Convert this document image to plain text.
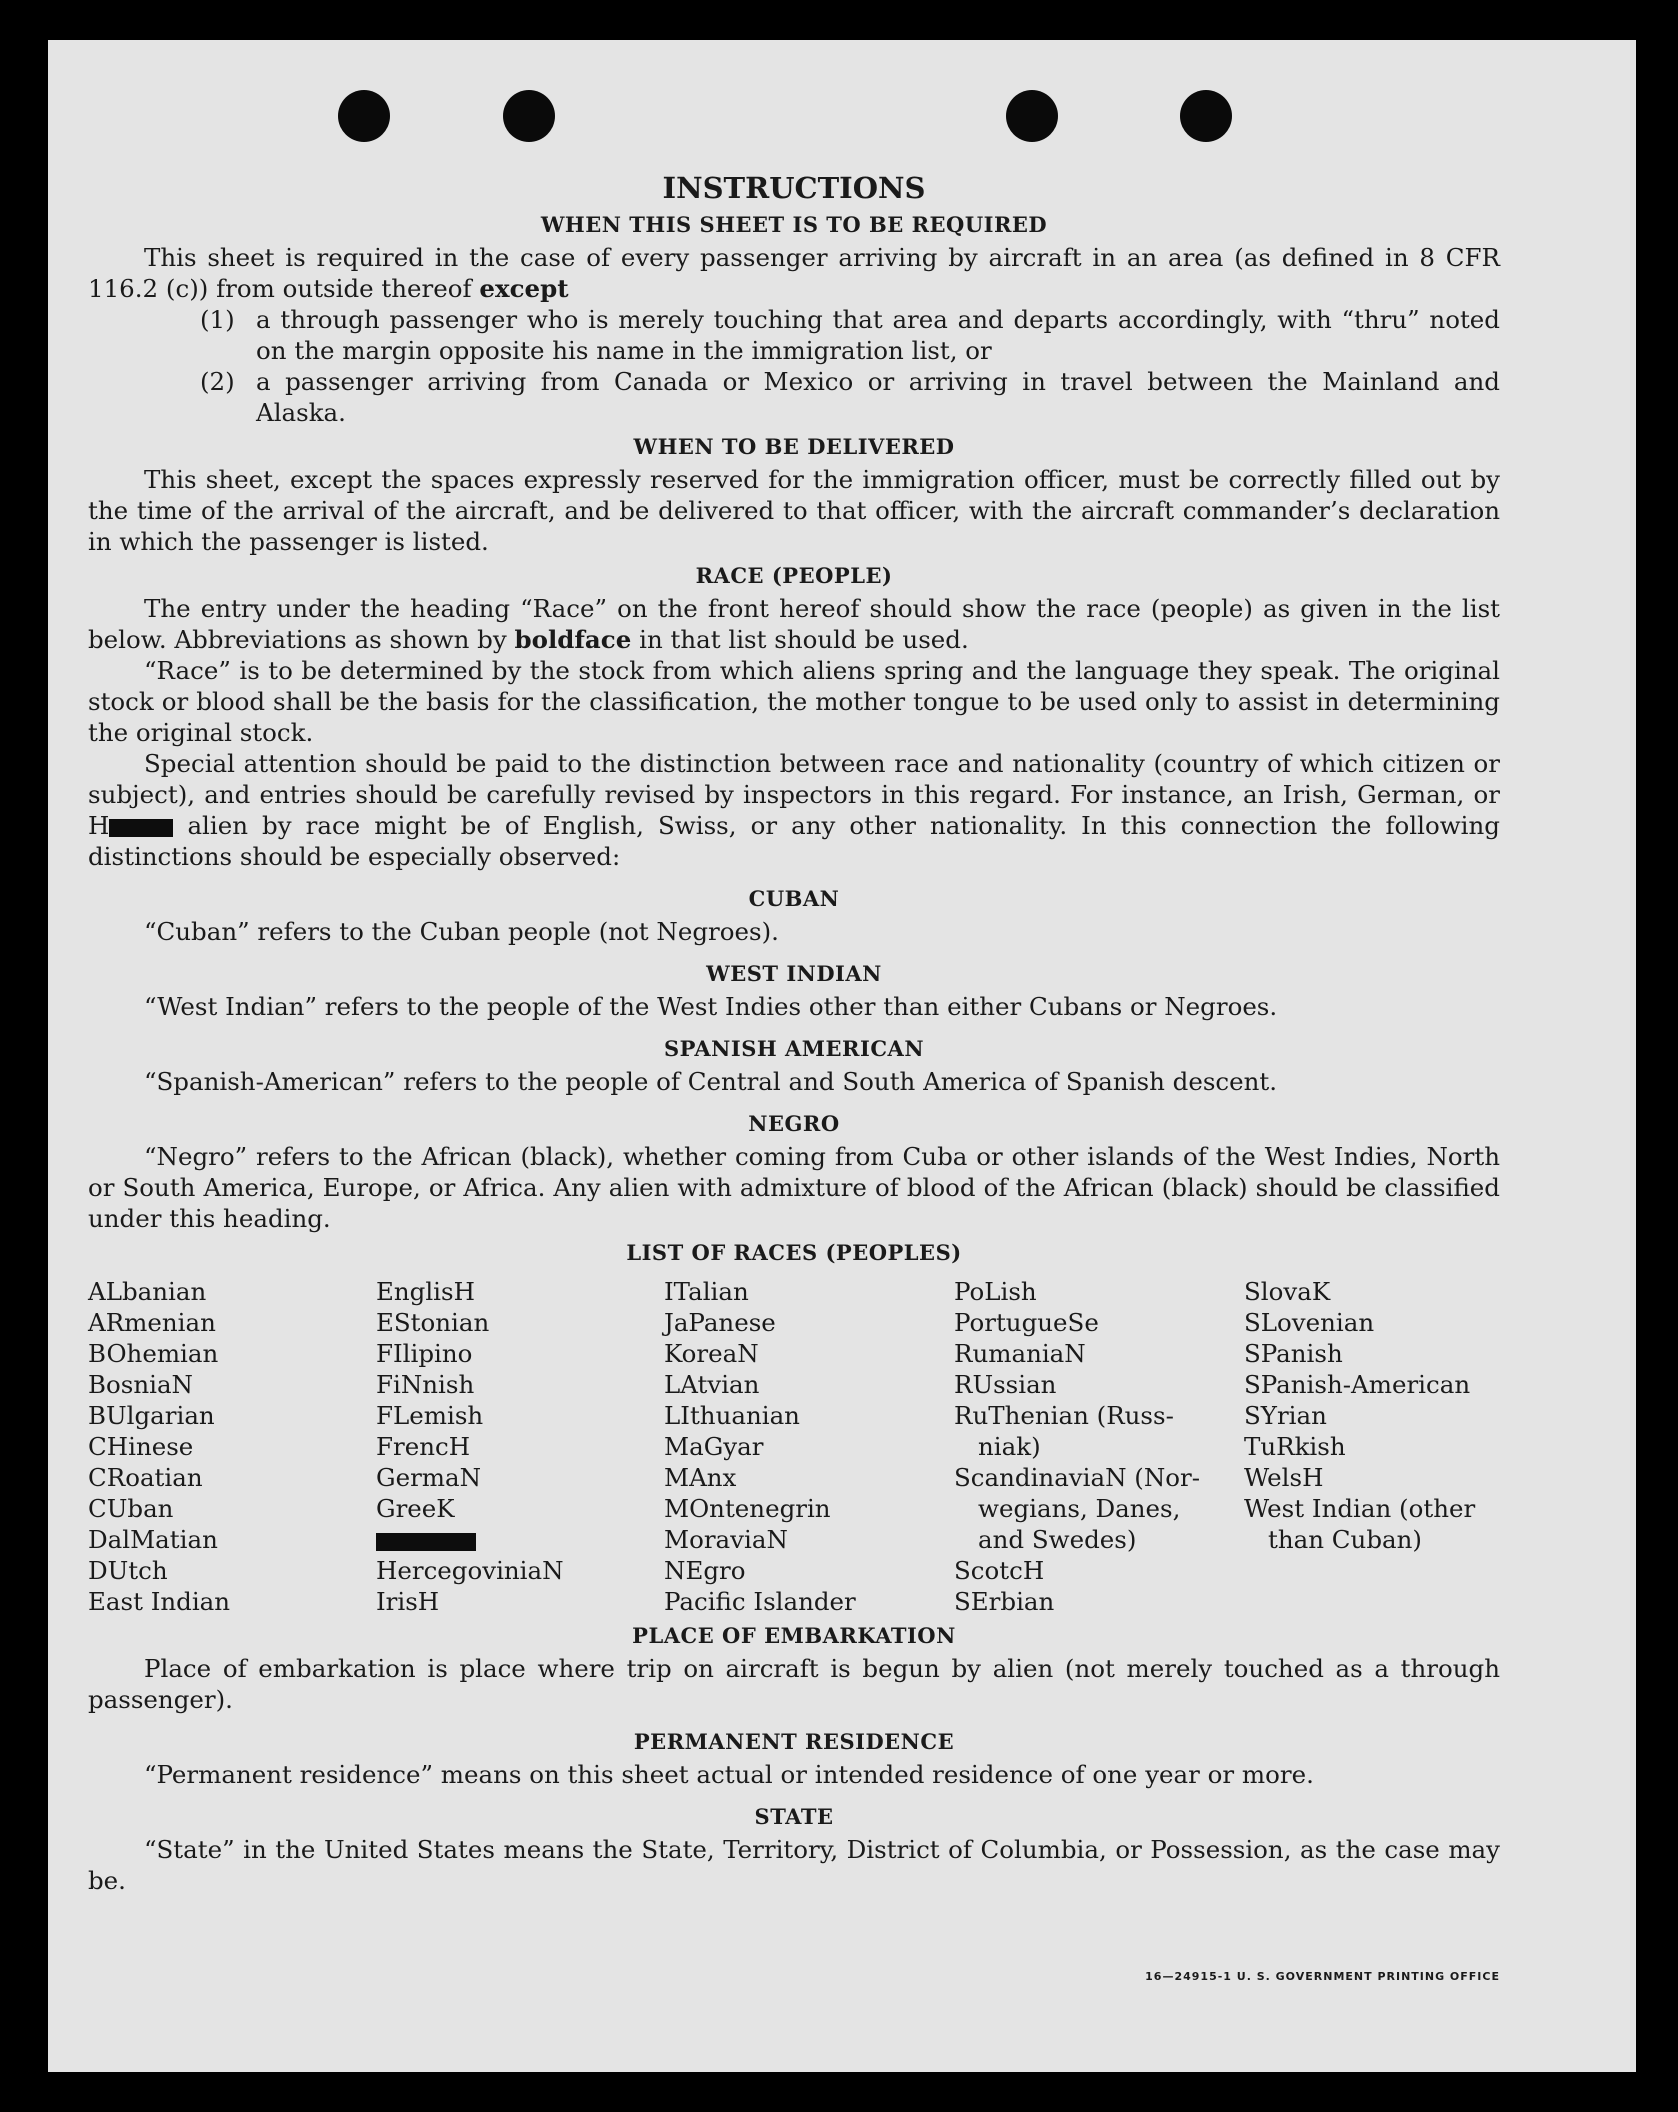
INSTRUCTIONS
WHEN THIS SHEET IS TO BE REQUIRED

This sheet is required in the case of every passenger arriving by aircraft in an area (as defined in 8 CFR 116.2 (c)) from outside thereof except

(1) a through passenger who is merely touching that area and departs accordingly, with “thru” noted on the margin opposite his name in the immigration list, or
(2) a passenger arriving from Canada or Mexico or arriving in travel between the Mainland and Alaska.
WHEN TO BE DELIVERED

This sheet, except the spaces expressly reserved for the immigration officer, must be correctly filled out by the time of the arrival of the aircraft, and be delivered to that officer, with the aircraft commander’s declaration in which the passenger is listed.

RACE (PEOPLE)

The entry under the heading “Race” on the front hereof should show the race (people) as given in the list below. Abbreviations as shown by boldface in that list should be used.

“Race” is to be determined by the stock from which aliens spring and the language they speak. The original stock or blood shall be the basis for the classification, the mother tongue to be used only to assist in determining the original stock.

Special attention should be paid to the distinction between race and nationality (country of which citizen or subject), and entries should be carefully revised by inspectors in this regard. For instance, an Irish, German, or H	alien by race might be of English, Swiss, or any other nationality. In this connection the following distinctions should be especially observed:

CUBAN

“Cuban” refers to the Cuban people (not Negroes).

WEST INDIAN

“West Indian” refers to the people of the West Indies other than either Cubans or Negroes.

SPANISH AMERICAN

“Spanish-American” refers to the people of Central and South America of Spanish descent.

NEGRO

“Negro” refers to the African (black), whether coming from Cuba or other islands of the West Indies, North or South America, Europe, or Africa. Any alien with admixture of blood of the African (black) should be classified under this heading.

LIST OF RACES (PEOPLES)
ALbanian
ARmenian
BOhemian
BosniaN
BUlgarian
CHinese
CRoatian
CUban
DalMatian
DUtch
East Indian
EnglisH
EStonian
FIlipino
FiNnish
FLemish
FrencH
GermaN
GreeK
HercegoviniaN
IrisH
ITalian
JaPanese
KoreaN
LAtvian
LIthuanian
MaGyar
MAnx
MOntenegrin
MoraviaN
NEgro
Pacific Islander
PoLish
PortugueSe
RumaniaN
RUssian
RuThenian (Russ-
niak)
ScandinaviaN (Nor-
wegians, Danes,
and Swedes)
ScotcH
SErbian
SlovaK
SLovenian
SPanish
SPanish-American
SYrian
TuRkish
WelsH
West Indian (other
than Cuban)
PLACE OF EMBARKATION

Place of embarkation is place where trip on aircraft is begun by alien (not merely touched as a through passenger).

PERMANENT RESIDENCE

“Permanent residence” means on this sheet actual or intended residence of one year or more.

STATE

“State” in the United States means the State, Territory, District of Columbia, or Possession, as the case may be.

16—24915-1 U. S. GOVERNMENT PRINTING OFFICE
